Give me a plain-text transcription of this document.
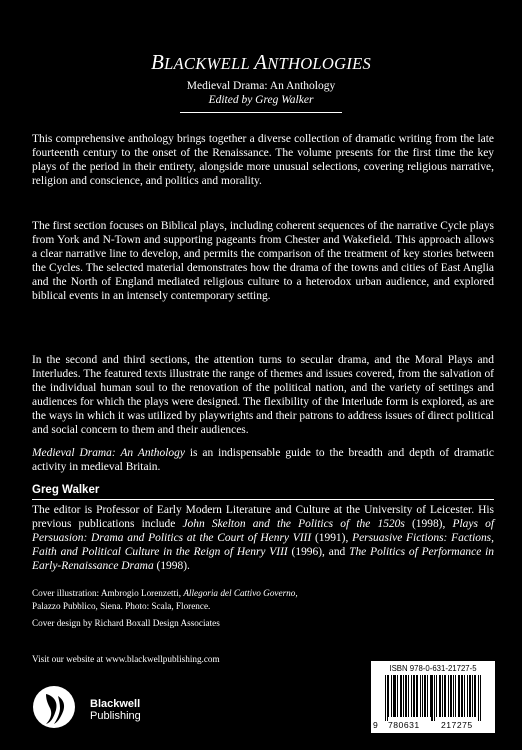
BLACKWELL ANTHOLOGIES
Medieval Drama: An Anthology
Edited by Greg Walker

This comprehensive anthology brings together a diverse collection of dramatic writing from the late fourteenth century to the onset of the Renaissance. The volume presents for the first time the key plays of the period in their entirety, alongside more unusual selections, covering religious narrative, religion and conscience, and politics and morality.

The first section focuses on Biblical plays, including coherent sequences of the narrative Cycle plays from York and N-Town and supporting pageants from Chester and Wakefield. This approach allows a clear narrative line to develop, and permits the comparison of the treatment of key stories between the Cycles. The selected material demonstrates how the drama of the towns and cities of East Anglia and the North of England mediated religious culture to a heterodox urban audience, and explored biblical events in an intensely contemporary setting.

In the second and third sections, the attention turns to secular drama, and the Moral Plays and Interludes. The featured texts illustrate the range of themes and issues covered, from the salvation of the individual human soul to the renovation of the political nation, and the variety of settings and audiences for which the plays were designed. The flexibility of the Interlude form is explored, as are the ways in which it was utilized by playwrights and their patrons to address issues of direct political and social concern to them and their audiences.

Medieval Drama: An Anthology is an indispensable guide to the breadth and depth of dramatic activity in medieval Britain.

Greg Walker

The editor is Professor of Early Modern Literature and Culture at the University of Leicester. His previous publications include John Skelton and the Politics of the 1520s (1998), Plays of Persuasion: Drama and Politics at the Court of Henry VIII (1991), Persuasive Fictions: Factions, Faith and Political Culture in the Reign of Henry VIII (1996), and The Politics of Performance in Early-Renaissance Drama (1998).

Cover illustration: Ambrogio Lorenzetti, Allegoria del Cattivo Governo,
Palazzo Pubblico, Siena. Photo: Scala, Florence.
Cover design by Richard Boxall Design Associates
Visit our website at www.blackwellpublishing.com
Blackwell
Publishing
ISBN 978-0-631-21727-5
9 780631 217275
